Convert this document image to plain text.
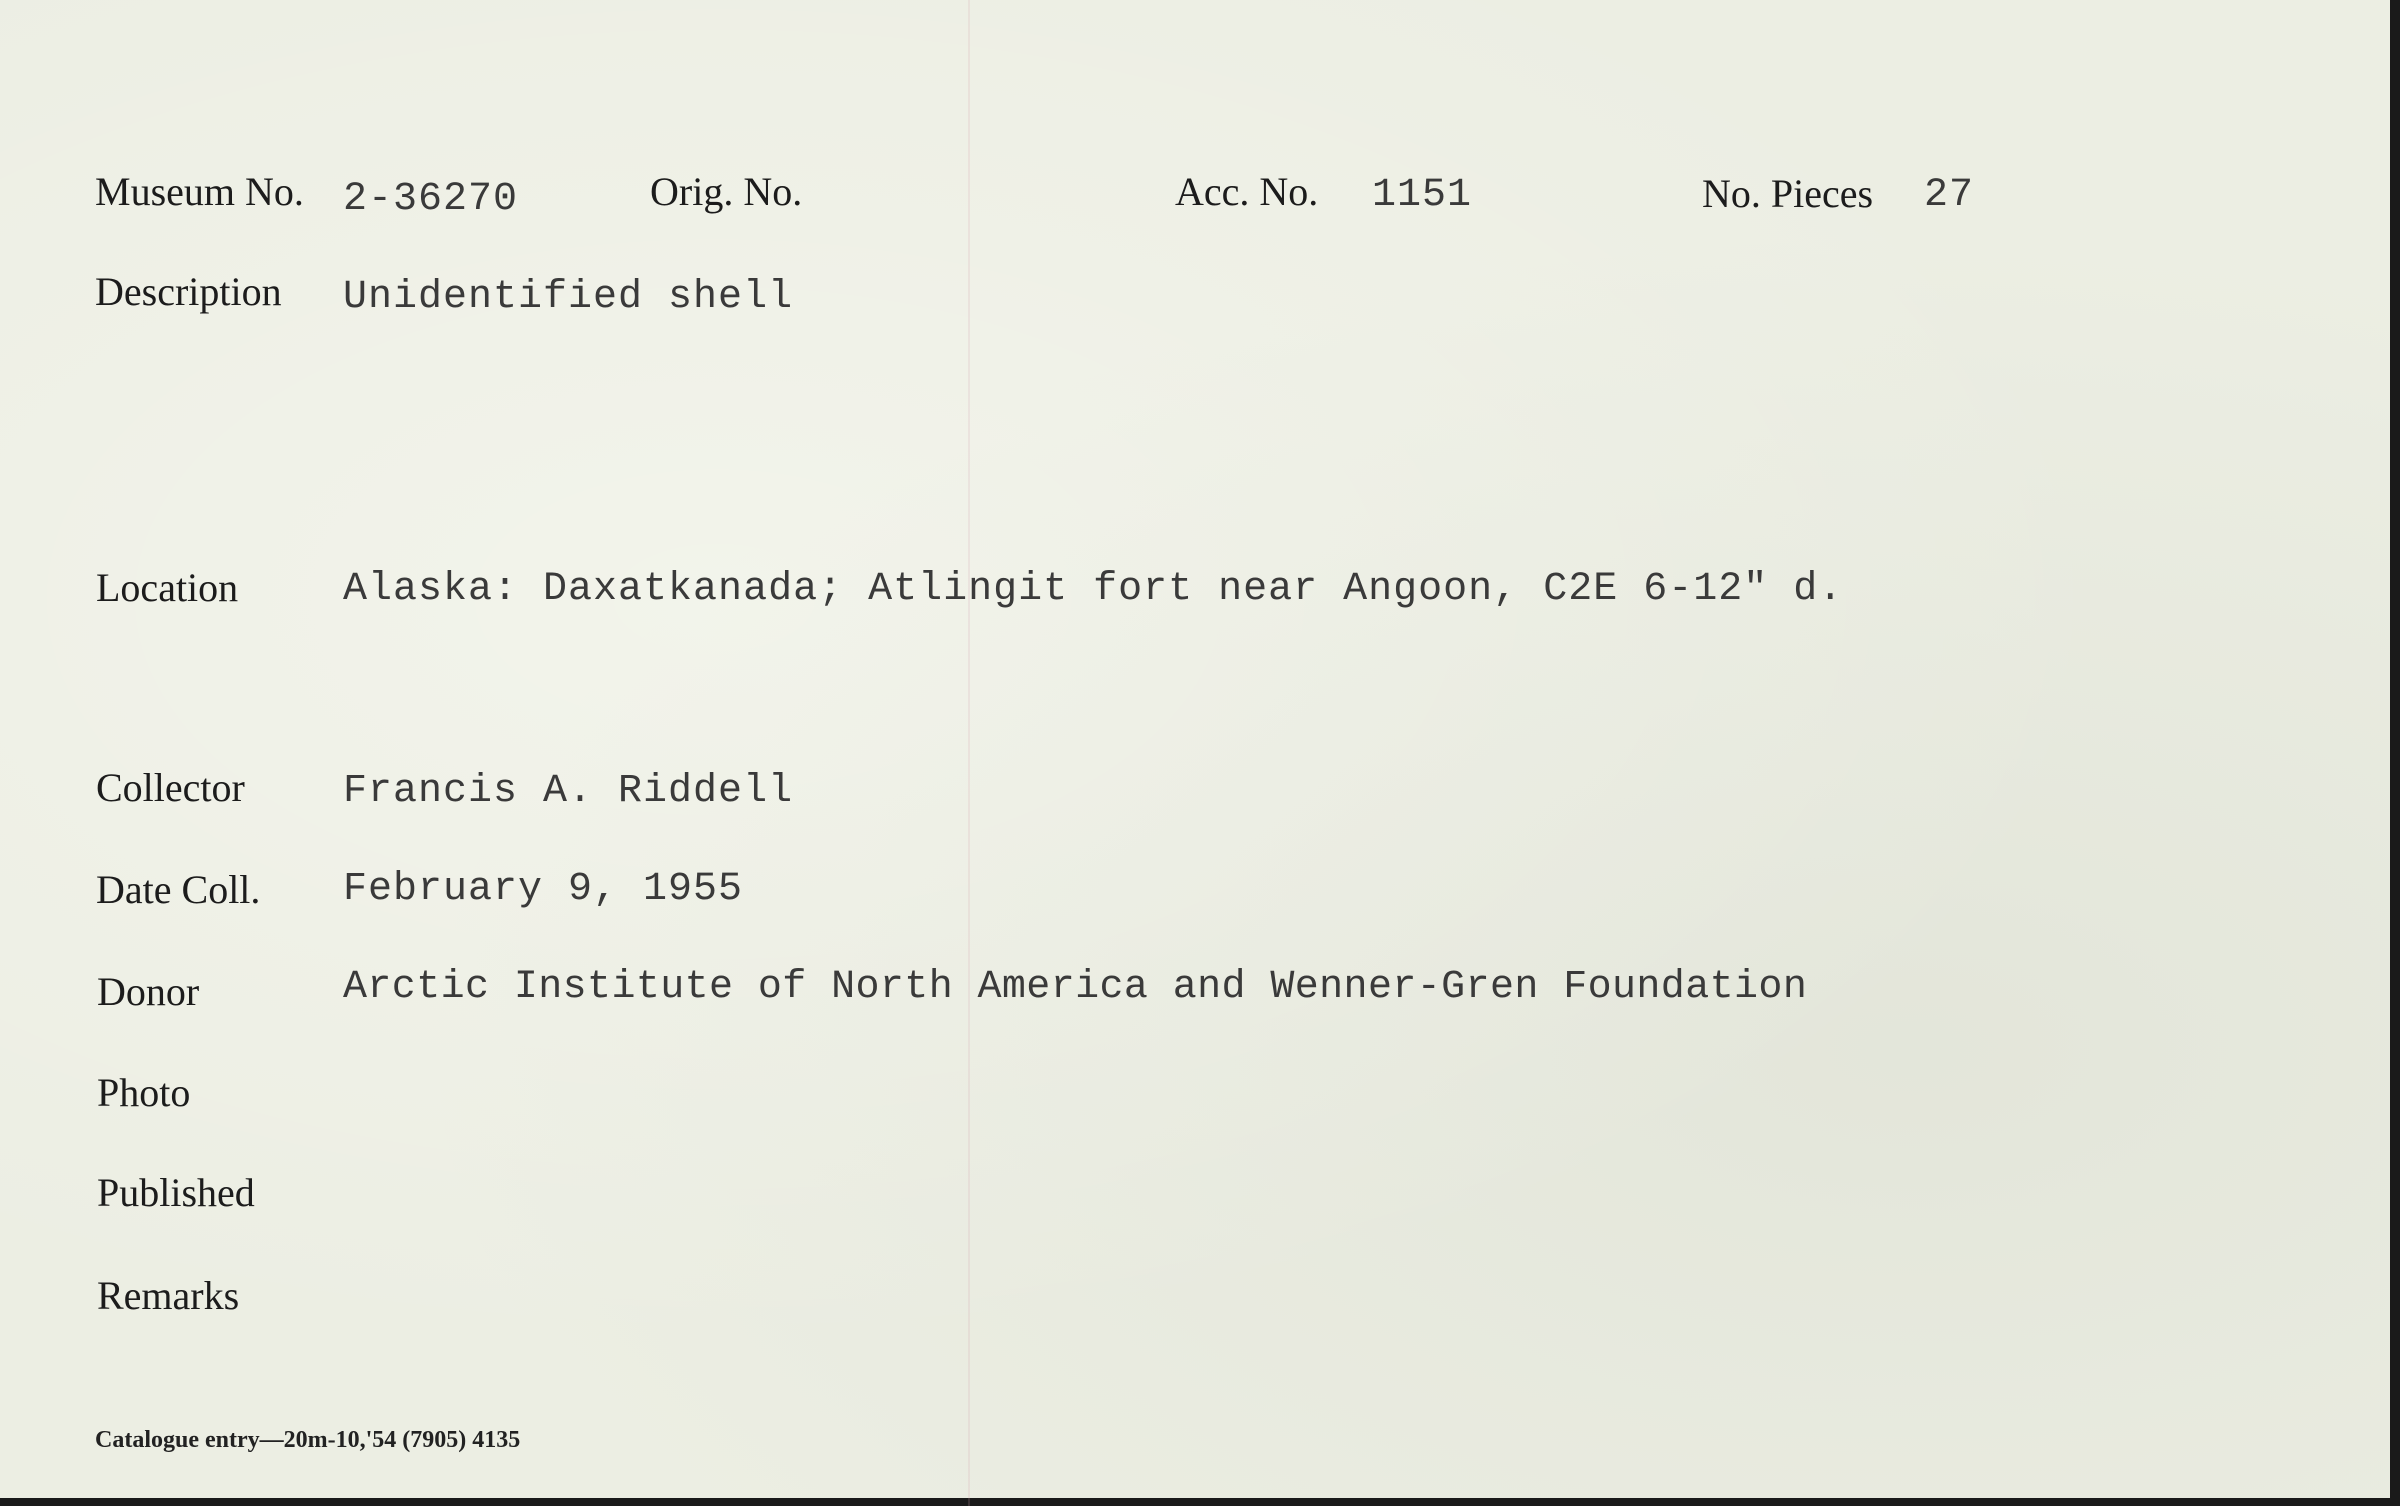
Museum No. 2-36270	Orig. No.	Acc. No. 1151	No. Pieces 27
Description Unidentified shell
Location	Alaska: Daxatkanada; Atlingit fort near Angoon, C2E 6-12" d.
Collector Francis A. Riddell
Date Coll. February 9, 1955
Donor	Arctic Institute of North America and Wenner-Gren Foundation
Photo
Published
Remarks
Catalogue entry—20m-10,'54 (7905) 4135
